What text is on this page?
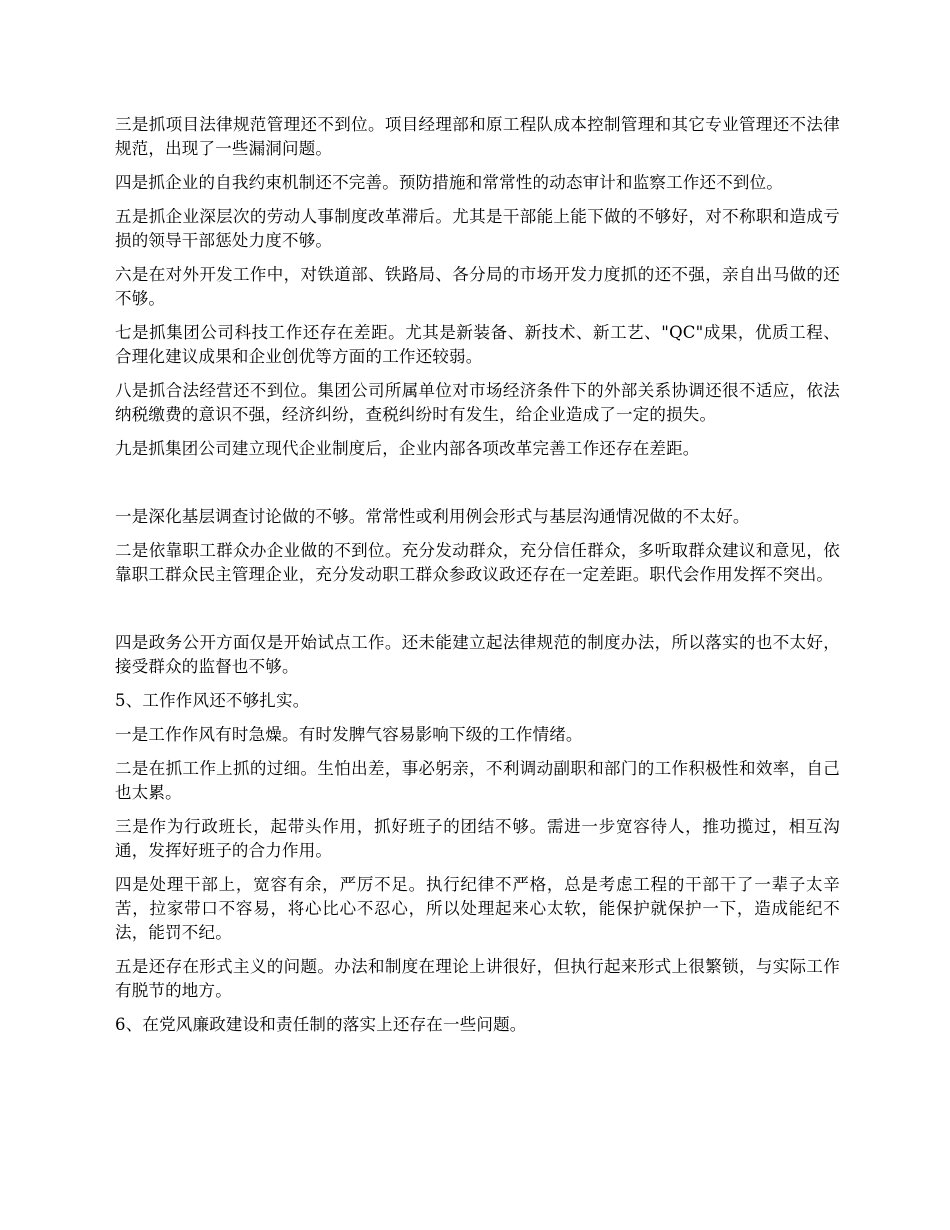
三是抓项目法律规范管理还不到位。项目经理部和原工程队成本控制管理和其它专业管理还不法律规范，出现了一些漏洞问题。

四是抓企业的自我约束机制还不完善。预防措施和常常性的动态审计和监察工作还不到位。

五是抓企业深层次的劳动人事制度改革滞后。尤其是干部能上能下做的不够好，对不称职和造成亏损的领导干部惩处力度不够。

六是在对外开发工作中，对铁道部、铁路局、各分局的市场开发力度抓的还不强，亲自出马做的还不够。

七是抓集团公司科技工作还存在差距。尤其是新装备、新技术、新工艺、"QC"成果，优质工程、合理化建议成果和企业创优等方面的工作还较弱。

八是抓合法经营还不到位。集团公司所属单位对市场经济条件下的外部关系协调还很不适应，依法纳税缴费的意识不强，经济纠纷，查税纠纷时有发生，给企业造成了一定的损失。

九是抓集团公司建立现代企业制度后，企业内部各项改革完善工作还存在差距。

一是深化基层调查讨论做的不够。常常性或利用例会形式与基层沟通情况做的不太好。

二是依靠职工群众办企业做的不到位。充分发动群众，充分信任群众，多听取群众建议和意见，依靠职工群众民主管理企业，充分发动职工群众参政议政还存在一定差距。职代会作用发挥不突出。

四是政务公开方面仅是开始试点工作。还未能建立起法律规范的制度办法，所以落实的也不太好，接受群众的监督也不够。

5、工作作风还不够扎实。

一是工作作风有时急燥。有时发脾气容易影响下级的工作情绪。

二是在抓工作上抓的过细。生怕出差，事必躬亲，不利调动副职和部门的工作积极性和效率，自己也太累。

三是作为行政班长，起带头作用，抓好班子的团结不够。需进一步宽容待人，推功揽过，相互沟通，发挥好班子的合力作用。

四是处理干部上，宽容有余，严厉不足。执行纪律不严格，总是考虑工程的干部干了一辈子太辛苦，拉家带口不容易，将心比心不忍心，所以处理起来心太软，能保护就保护一下，造成能纪不法，能罚不纪。

五是还存在形式主义的问题。办法和制度在理论上讲很好，但执行起来形式上很繁锁，与实际工作有脱节的地方。

6、在党风廉政建设和责任制的落实上还存在一些问题。
